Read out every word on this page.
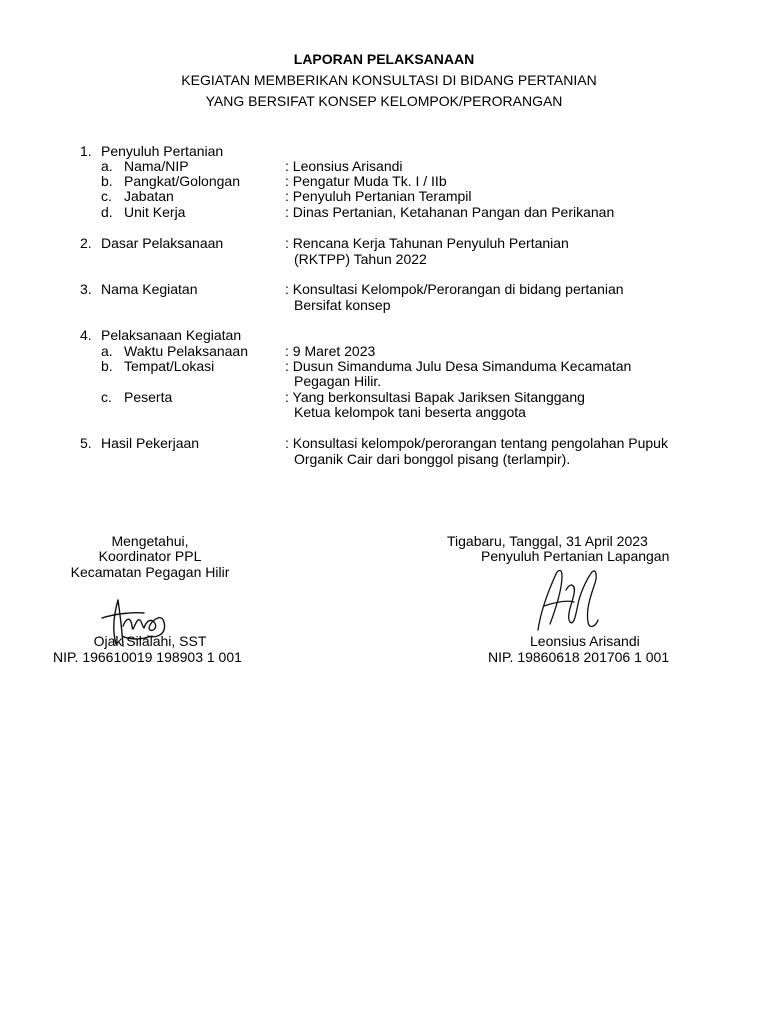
LAPORAN PELAKSANAAN
KEGIATAN MEMBERIKAN KONSULTASI DI BIDANG PERTANIAN
YANG BERSIFAT KONSEP KELOMPOK/PERORANGAN
1. Penyuluh Pertanian
a. Nama/NIP	: Leonsius Arisandi
b. Pangkat/Golongan	: Pengatur Muda Tk. I / IIb
c. Jabatan	: Penyuluh Pertanian Terampil
d. Unit Kerja	: Dinas Pertanian, Ketahanan Pangan dan Perikanan
2. Dasar Pelaksanaan	: Rencana Kerja Tahunan Penyuluh Pertanian
(RKTPP) Tahun 2022
3. Nama Kegiatan	: Konsultasi Kelompok/Perorangan di bidang pertanian
Bersifat konsep
4. Pelaksanaan Kegiatan
a. Waktu Pelaksanaan	: 9 Maret 2023
b. Tempat/Lokasi	: Dusun Simanduma Julu Desa Simanduma Kecamatan
Pegagan Hilir.
c. Peserta	: Yang berkonsultasi Bapak Jariksen Sitanggang
Ketua kelompok tani beserta anggota
5. Hasil Pekerjaan	: Konsultasi kelompok/perorangan tentang pengolahan Pupuk
Organik Cair dari bonggol pisang (terlampir).
Mengetahui,
Koordinator PPL
Kecamatan Pegagan Hilir
Ojak Silalahi, SST
NIP. 196610019 198903 1 001
Tigabaru, Tanggal, 31 April 2023
Penyuluh Pertanian Lapangan
Leonsius Arisandi
NIP. 19860618 201706 1 001
